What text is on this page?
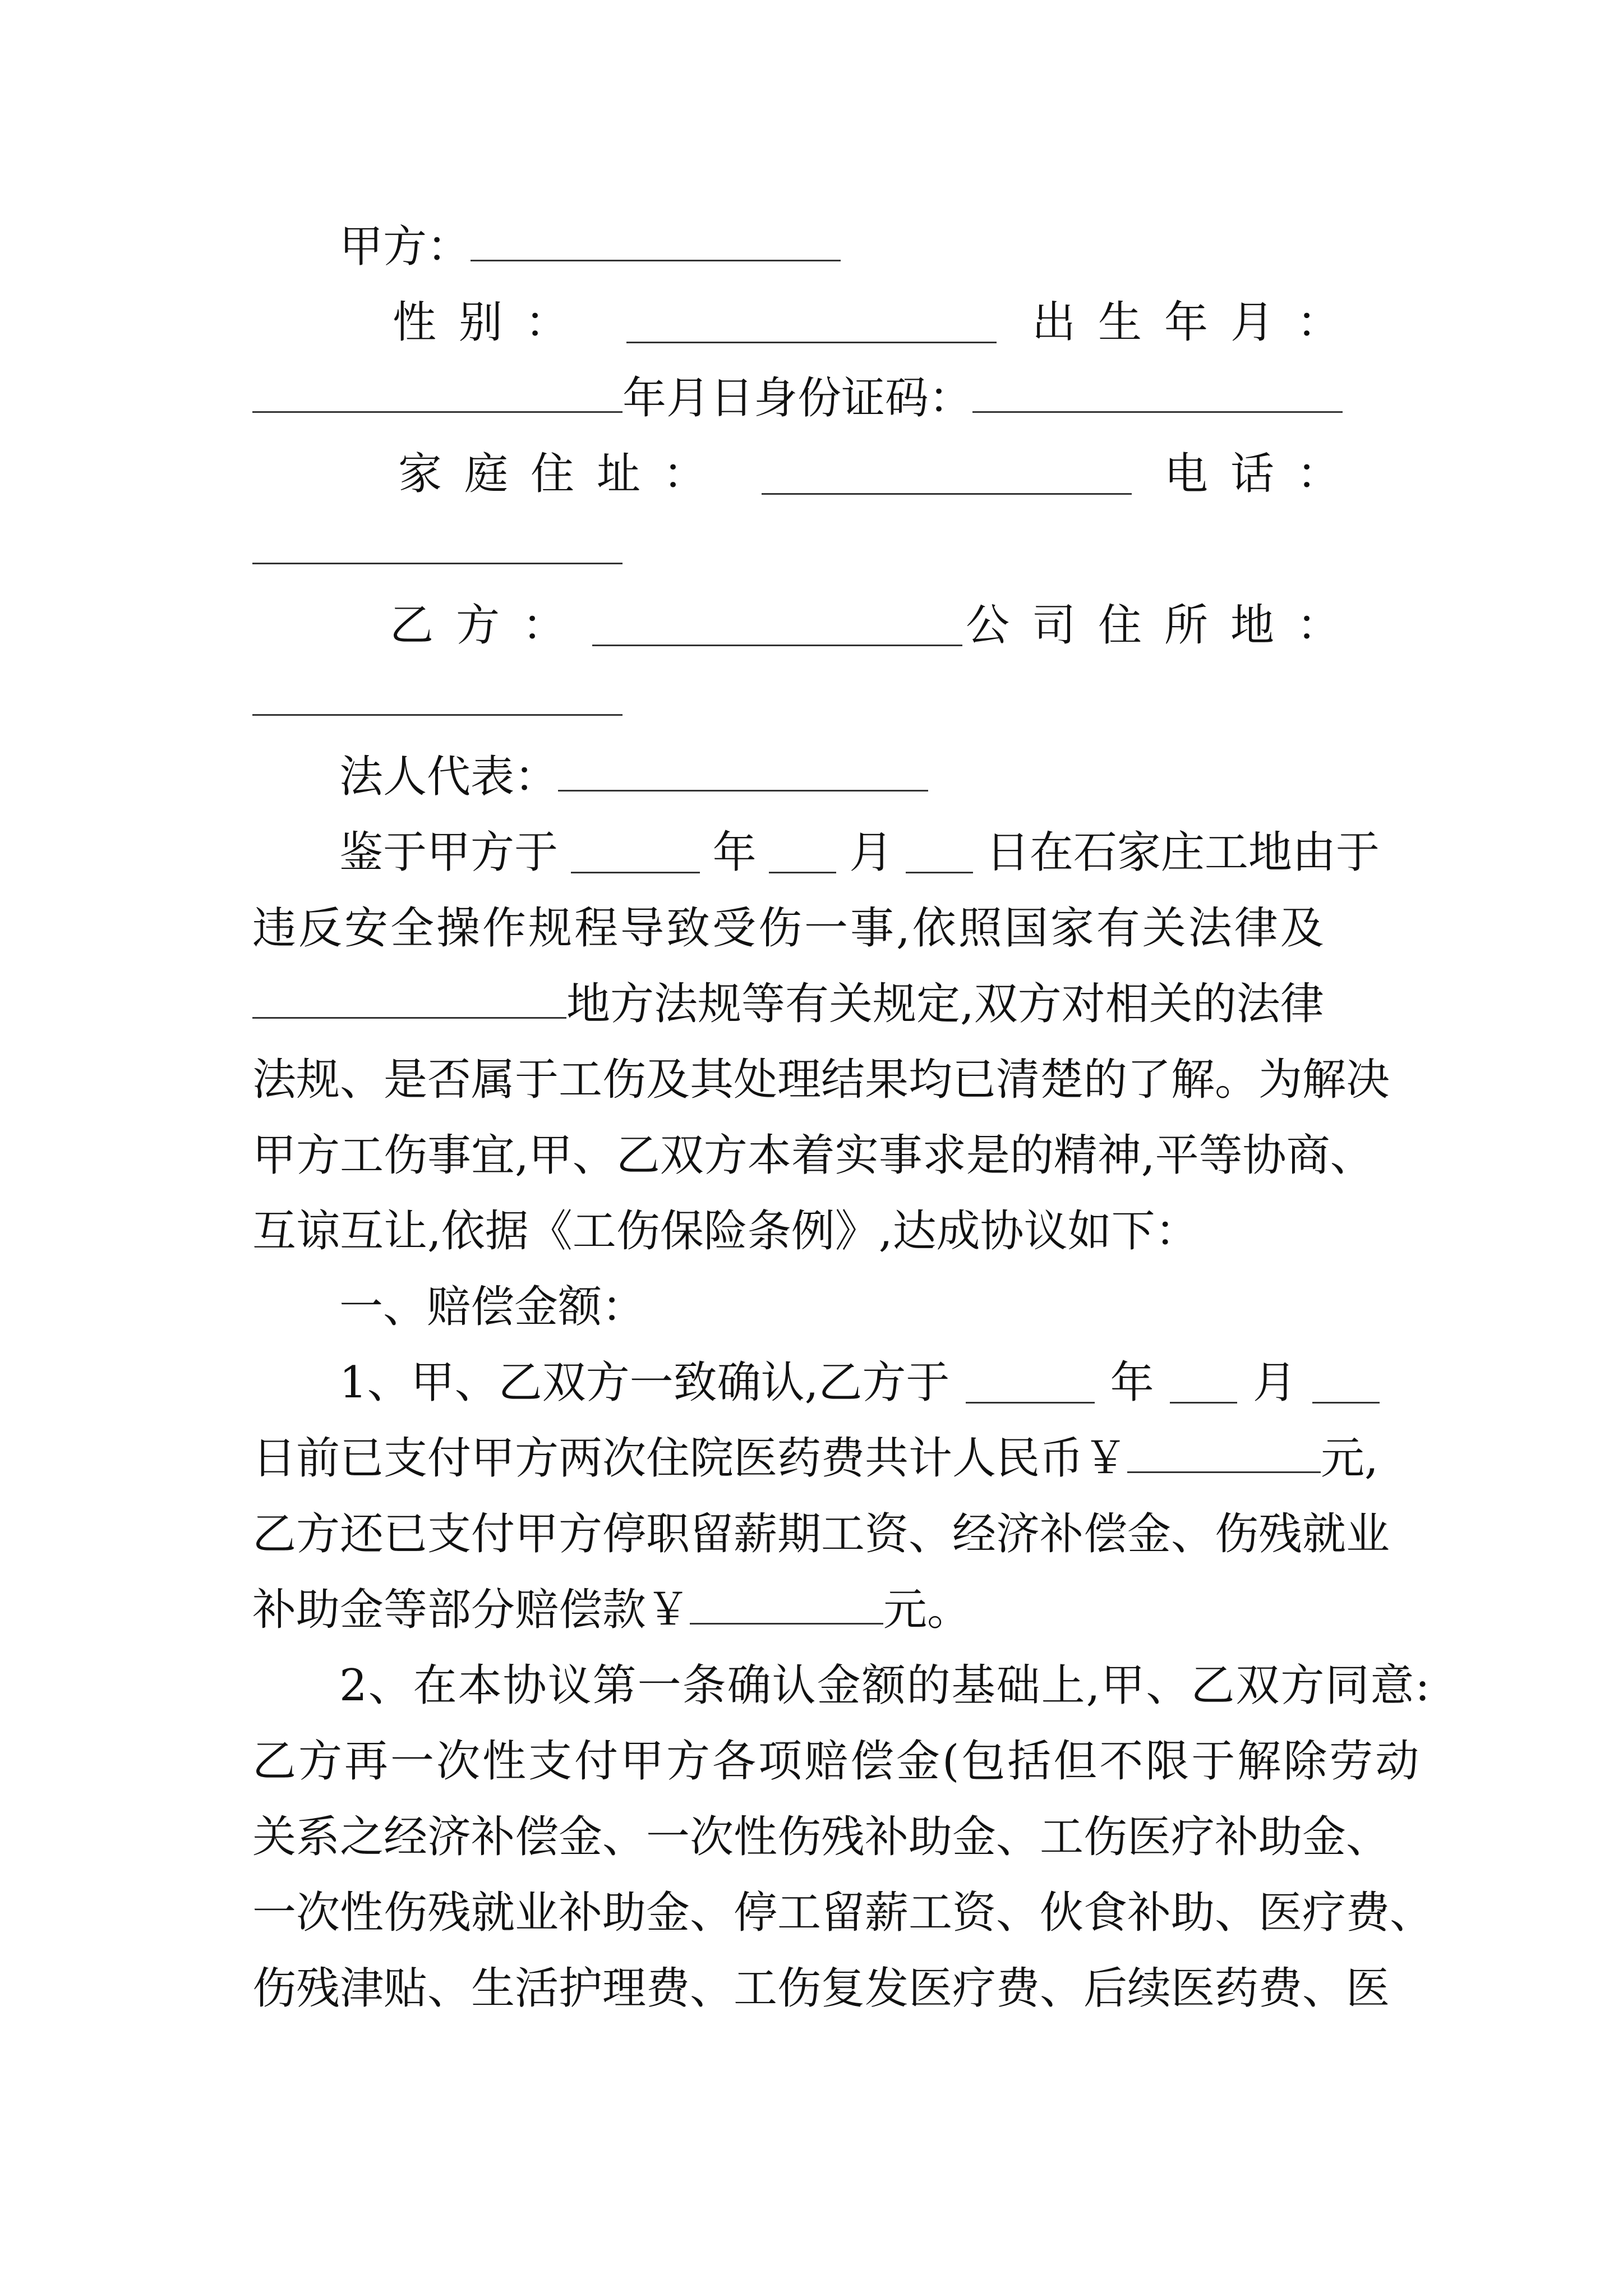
甲方：
性别：	出生年月：
年月日身份证码：
家庭住址：	电话：
乙方：	公司住所地：
法人代表：
鉴于甲方于	年 月 日在石家庄工地由于
违反安全操作规程导致受伤一事,依照国家有关法律及
地方法规等有关规定,双方对相关的法律
法规、是否属于工伤及其处理结果均已清楚的了解。为解决
甲方工伤事宜,甲、乙双方本着实事求是的精神,平等协商、
互谅互让,依据《工伤保险条例》,达成协议如下：
一、赔偿金额：
1、甲、乙双方一致确认,乙方于	年 月
日前已支付甲方两次住院医药费共计人民币￥	元,
乙方还已支付甲方停职留薪期工资、经济补偿金、伤残就业
补助金等部分赔偿款￥	元。
2、在本协议第一条确认金额的基础上,甲、乙双方同意:
乙方再一次性支付甲方各项赔偿金(包括但不限于解除劳动
关系之经济补偿金、一次性伤残补助金、工伤医疗补助金、
一次性伤残就业补助金、停工留薪工资、伙食补助、医疗费、
伤残津贴、生活护理费、工伤复发医疗费、后续医药费、医
